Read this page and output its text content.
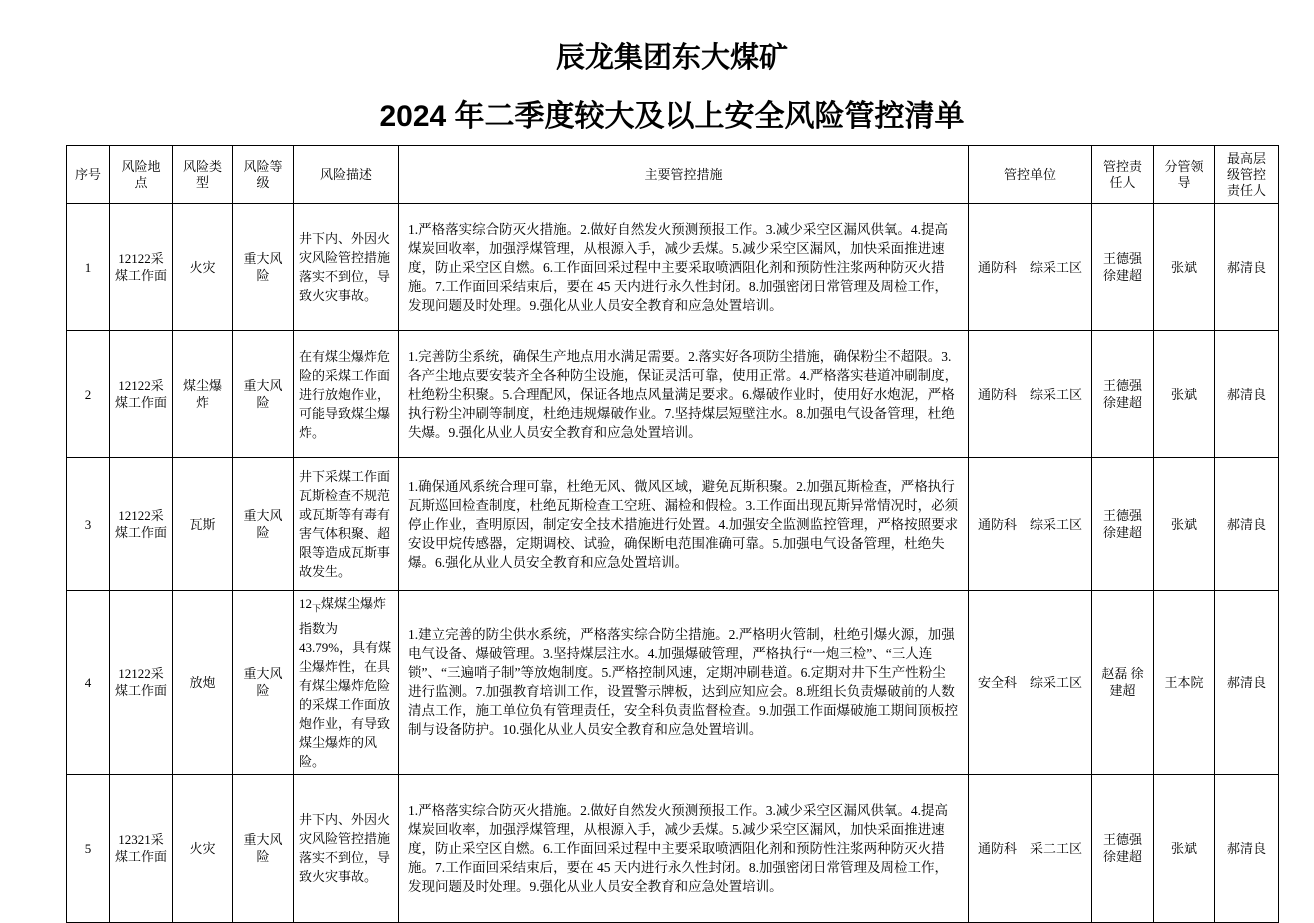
辰龙集团东大煤矿
2024 年二季度较大及以上安全风险管控清单
序号	风险地点	风险类型	风险等级	风险描述	主要管控措施	管控单位	管控责任人	分管领导	最高层级管控责任人
1	12122采煤工作面	火灾	重大风险	井下内、外因火灾风险管控措施落实不到位，导致火灾事故。	1.严格落实综合防灭火措施。2.做好自然发火预测预报工作。3.减少采空区漏风供氧。4.提高煤炭回收率，加强浮煤管理，从根源入手，减少丢煤。5.减少采空区漏风，加快采面推进速度，防止采空区自燃。6.工作面回采过程中主要采取喷洒阻化剂和预防性注浆两种防灭火措施。7.工作面回采结束后，要在 45 天内进行永久性封闭。8.加强密闭日常管理及周检工作，发现问题及时处理。9.强化从业人员安全教育和应急处置培训。	通防科　综采工区	王德强 徐建超	张斌	郝清良
2	12122采煤工作面	煤尘爆炸	重大风险	在有煤尘爆炸危险的采煤工作面进行放炮作业，可能导致煤尘爆炸。	1.完善防尘系统，确保生产地点用水满足需要。2.落实好各项防尘措施，确保粉尘不超限。3.各产尘地点要安装齐全各种防尘设施，保证灵活可靠，使用正常。4.严格落实巷道冲刷制度，杜绝粉尘积聚。5.合理配风，保证各地点风量满足要求。6.爆破作业时，使用好水炮泥，严格执行粉尘冲刷等制度，杜绝违规爆破作业。7.坚持煤层短壁注水。8.加强电气设备管理，杜绝失爆。9.强化从业人员安全教育和应急处置培训。	通防科　综采工区	王德强 徐建超	张斌	郝清良
3	12122采煤工作面	瓦斯	重大风险	井下采煤工作面瓦斯检查不规范或瓦斯等有毒有害气体积聚、超限等造成瓦斯事故发生。	1.确保通风系统合理可靠，杜绝无风、微风区域，避免瓦斯积聚。2.加强瓦斯检查，严格执行瓦斯巡回检查制度，杜绝瓦斯检查工空班、漏检和假检。3.工作面出现瓦斯异常情况时，必须停止作业，查明原因，制定安全技术措施进行处置。4.加强安全监测监控管理，严格按照要求安设甲烷传感器，定期调校、试验，确保断电范围准确可靠。5.加强电气设备管理，杜绝失爆。6.强化从业人员安全教育和应急处置培训。	通防科　综采工区	王德强 徐建超	张斌	郝清良
4	12122采煤工作面	放炮	重大风险	$12_下$煤煤尘爆炸指数为 43.79%，具有煤尘爆炸性，在具有煤尘爆炸危险的采煤工作面放炮作业，有导致煤尘爆炸的风险。	1.建立完善的防尘供水系统，严格落实综合防尘措施。2.严格明火管制，杜绝引爆火源，加强电气设备、爆破管理。3.坚持煤层注水。4.加强爆破管理，严格执行“一炮三检”、“三人连锁”、“三遍哨子制”等放炮制度。5.严格控制风速，定期冲刷巷道。6.定期对井下生产性粉尘进行监测。7.加强教育培训工作，设置警示牌板，达到应知应会。8.班组长负责爆破前的人数清点工作，施工单位负有管理责任，安全科负责监督检查。9.加强工作面爆破施工期间顶板控制与设备防护。10.强化从业人员安全教育和应急处置培训。	安全科　综采工区	赵磊 徐建超	王本院	郝清良
5	12321采煤工作面	火灾	重大风险	井下内、外因火灾风险管控措施落实不到位，导致火灾事故。	1.严格落实综合防灭火措施。2.做好自然发火预测预报工作。3.减少采空区漏风供氧。4.提高煤炭回收率，加强浮煤管理，从根源入手，减少丢煤。5.减少采空区漏风，加快采面推进速度，防止采空区自燃。6.工作面回采过程中主要采取喷洒阻化剂和预防性注浆两种防灭火措施。7.工作面回采结束后，要在 45 天内进行永久性封闭。8.加强密闭日常管理及周检工作，发现问题及时处理。9.强化从业人员安全教育和应急处置培训。	通防科　采二工区	王德强 徐建超	张斌	郝清良
